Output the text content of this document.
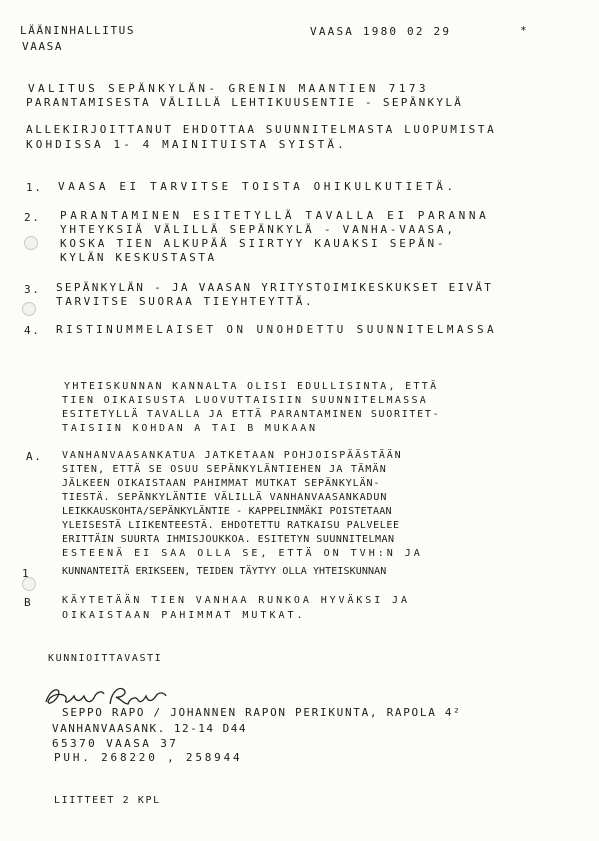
LÄÄNINHALLITUS
VAASA
VAASA 1980 02 29	*
VALITUS SEPÄNKYLÄN- GRENIN MAANTIEN 7173
PARANTAMISESTA VÄLILLÄ LEHTIKUUSENTIE - SEPÄNKYLÄ
ALLEKIRJOITTANUT EHDOTTAA SUUNNITELMASTA LUOPUMISTA
KOHDISSA 1- 4 MAINITUISTA SYISTÄ.
1. VAASA EI TARVITSE TOISTA OHIKULKUTIETÄ.
2. PARANTAMINEN ESITETYLLÄ TAVALLA EI PARANNA
YHTEYKSIÄ VÄLILLÄ SEPÄNKYLÄ - VANHA-VAASA,
KOSKA TIEN ALKUPÄÄ SIIRTYY KAUAKSI SEPÄN-
KYLÄN KESKUSTASTA
3. SEPÄNKYLÄN - JA VAASAN YRITYSTOIMIKESKUKSET EIVÄT
TARVITSE SUORAA TIEYHTEYTTÄ.
4. RISTINUMMELAISET ON UNOHDETTU SUUNNITELMASSA
YHTEISKUNNAN KANNALTA OLISI EDULLISINTA, ETTÄ
TIEN OIKAISUSTA LUOVUTTAISIIN SUUNNITELMASSA
ESITETYLLÄ TAVALLA JA ETTÄ PARANTAMINEN SUORITET-
TAISIIN KOHDAN A TAI B MUKAAN
A. VANHANVAASANKATUA JATKETAAN POHJOISPÄÄSTÄÄN
SITEN, ETTÄ SE OSUU SEPÄNKYLÄNTIEHEN JA TÄMÄN
JÄLKEEN OIKAISTAAN PAHIMMAT MUTKAT SEPÄNKYLÄN-
TIESTÄ. SEPÄNKYLÄNTIE VÄLILLÄ VANHANVAASANKADUN
LEIKKAUSKOHTA/SEPÄNKYLÄNTIE - KAPPELINMÄKI POISTETAAN
YLEISESTÄ LIIKENTEESTÄ. EHDOTETTU RATKAISU PALVELEE
ERITTÄIN SUURTA IHMISJOUKKOA. ESITETYN SUUNNITELMAN
ESTEENÄ EI SAA OLLA SE, ETTÄ ON TVH:N JA
1	KUNNANTEITÄ ERIKSEEN, TEIDEN TÄYTYY OLLA YHTEISKUNNAN
B	KÄYTETÄÄN TIEN VANHAA RUNKOA HYVÄKSI JA
OIKAISTAAN PAHIMMAT MUTKAT.
KUNNIOITTAVASTI
SEPPO RAPO / JOHANNEN RAPON PERIKUNTA, RAPOLA 4²
VANHANVAASANK. 12-14 D44
65370 VAASA 37
PUH. 268220 , 258944
LIITTEET 2 KPL
